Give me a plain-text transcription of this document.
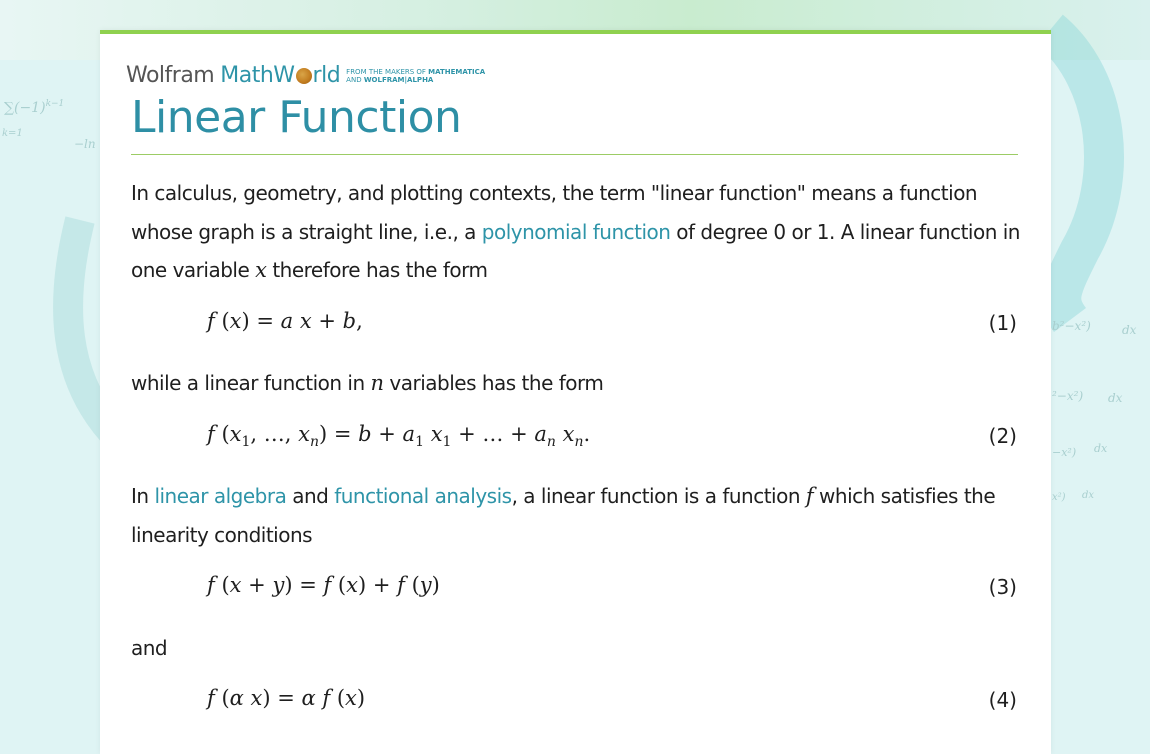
$\sum(-1)^{k-1}$
k=1
−ln
b²−x²)	dx
²−x²) dx
−x²) dx
x²) dx
Wolfram MathW rld FROM THE MAKERS OF MATHEMATICA
AND WOLFRAM|ALPHA
Linear Function
In calculus, geometry, and plotting contexts, the term "linear function" means a function whose graph is a straight line, i.e., a polynomial function of degree 0 or 1. A linear function in one variable x therefore has the form
f (x) = a x + b,	(1)
while a linear function in n variables has the form
f ($x_1$, …, $x_n) = b + a_1$ $x_1$ + … + $a_n$ $x_n$.	(2)
In linear algebra and functional analysis, a linear function is a function f which satisfies the linearity conditions
f (x + y) = f (x) + f (y)	(3)
and
f (α x) = α f (x)	(4)
